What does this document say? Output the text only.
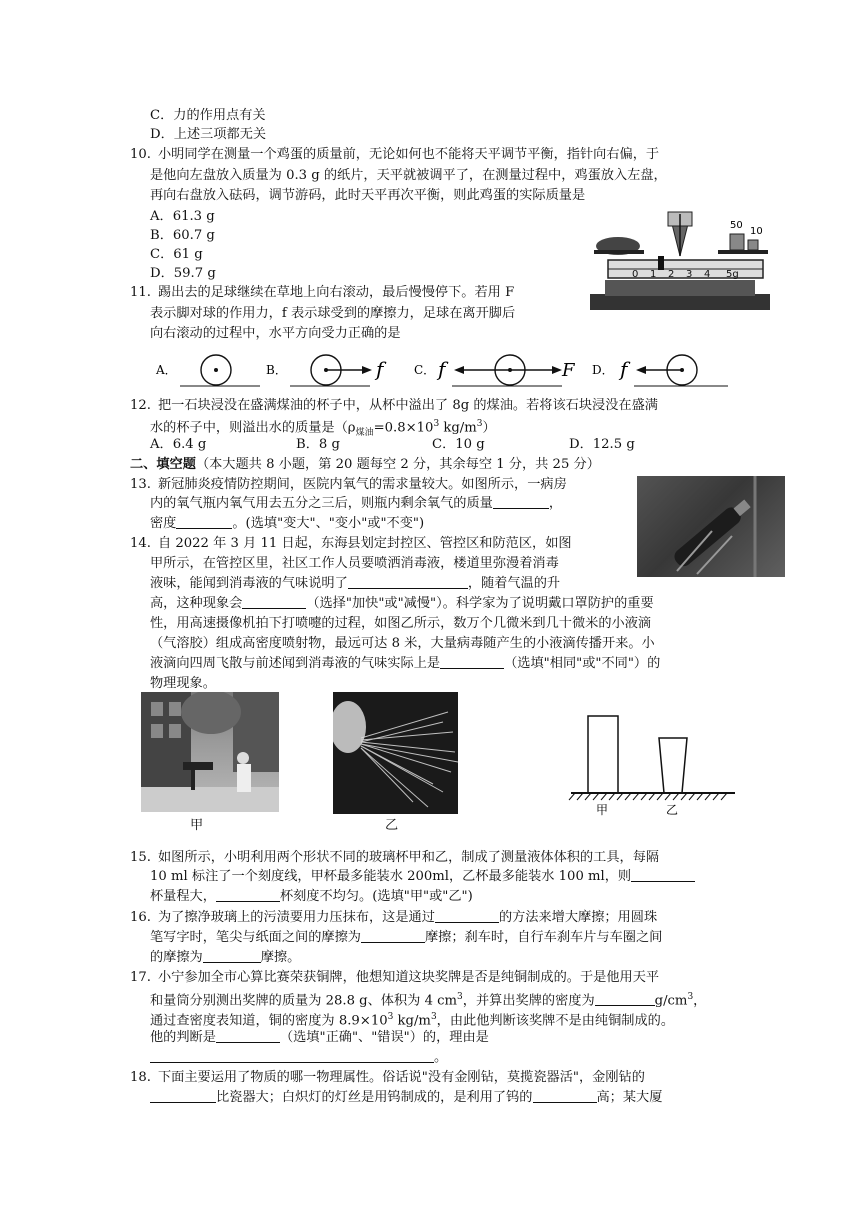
C．力的作用点有关
D．上述三项都无关
10. 小明同学在测量一个鸡蛋的质量前，无论如何也不能将天平调节平衡，指针向右偏，于
是他向左盘放入质量为 0.3 g 的纸片，天平就被调平了，在测量过程中，鸡蛋放入左盘，
再向右盘放入砝码，调节游码，此时天平再次平衡，则此鸡蛋的实际质量是
A．61.3 g
B．60.7 g
C．61 g
D．59.7 g	0 1 2 3 4 5g
50
10
11. 踢出去的足球继续在草地上向右滚动，最后慢慢停下。若用 F
表示脚对球的作用力，f 表示球受到的摩擦力，足球在离开脚后
向右滚动的过程中，水平方向受力正确的是
A．	B．	f	C． f	F D． f
12. 把一石块浸没在盛满煤油的杯子中，从杯中溢出了 8g 的煤油。若将该石块浸没在盛满
水的杯子中，则溢出水的质量是（$\rho_{煤油}=0.8\times 10^3$ $kg/m^3$）
A．6.4 g	B．8 g	C．10 g	D．12.5 g
二、填空题（本大题共 8 小题，第 20 题每空 2 分，其余每空 1 分，共 25 分）
13. 新冠肺炎疫情防控期间，医院内氧气的需求量较大。如图所示，一病房
内的氧气瓶内氧气用去五分之三后，则瓶内剩余氧气的质量	，
密度	。(选填"变大"、"变小"或"不变")
14. 自 2022 年 3 月 11 日起，东海县划定封控区、管控区和防范区，如图
甲所示，在管控区里，社区工作人员要喷洒消毒液，楼道里弥漫着消毒
液味，能闻到消毒液的气味说明了	，随着气温的升
高，这种现象会	（选择"加快"或"减慢"）。科学家为了说明戴口罩防护的重要
性，用高速摄像机拍下打喷嚏的过程，如图乙所示，数万个几微米到几十微米的小液滴
（气溶胶）组成高密度喷射物，最远可达 8 米，大量病毒随产生的小液滴传播开来。小
液滴向四周飞散与前述闻到消毒液的气味实际上是	（选填"相同"或"不同"）的
物理现象。
甲	乙
甲	乙
15. 如图所示，小明利用两个形状不同的玻璃杯甲和乙，制成了测量液体体积的工具，每隔
10 ml 标注了一个刻度线，甲杯最多能装水 200ml，乙杯最多能装水 100 ml，则
杯量程大，	杯刻度不均匀。(选填"甲"或"乙")
16. 为了擦净玻璃上的污渍要用力压抹布，这是通过	的方法来增大摩擦；用圆珠
笔写字时，笔尖与纸面之间的摩擦为	摩擦；刹车时，自行车刹车片与车圈之间
的摩擦为	摩擦。
17. 小宁参加全市心算比赛荣获铜牌，他想知道这块奖牌是否是纯铜制成的。于是他用天平
和量筒分别测出奖牌的质量为 28.8 g、体积为 4 $cm^3$，并算出奖牌的密度为	$g/cm^3$，
通过查密度表知道，铜的密度为 $8.9\times 10^3$ $kg/m^3$，由此他判断该奖牌不是由纯铜制成的。
他的判断是	（选填"正确"、"错误"）的，理由是
。
18. 下面主要运用了物质的哪一物理属性。俗话说"没有金刚钻，莫揽瓷器活"，金刚钻的
比瓷器大；白炽灯的灯丝是用钨制成的，是利用了钨的	高；某大厦
